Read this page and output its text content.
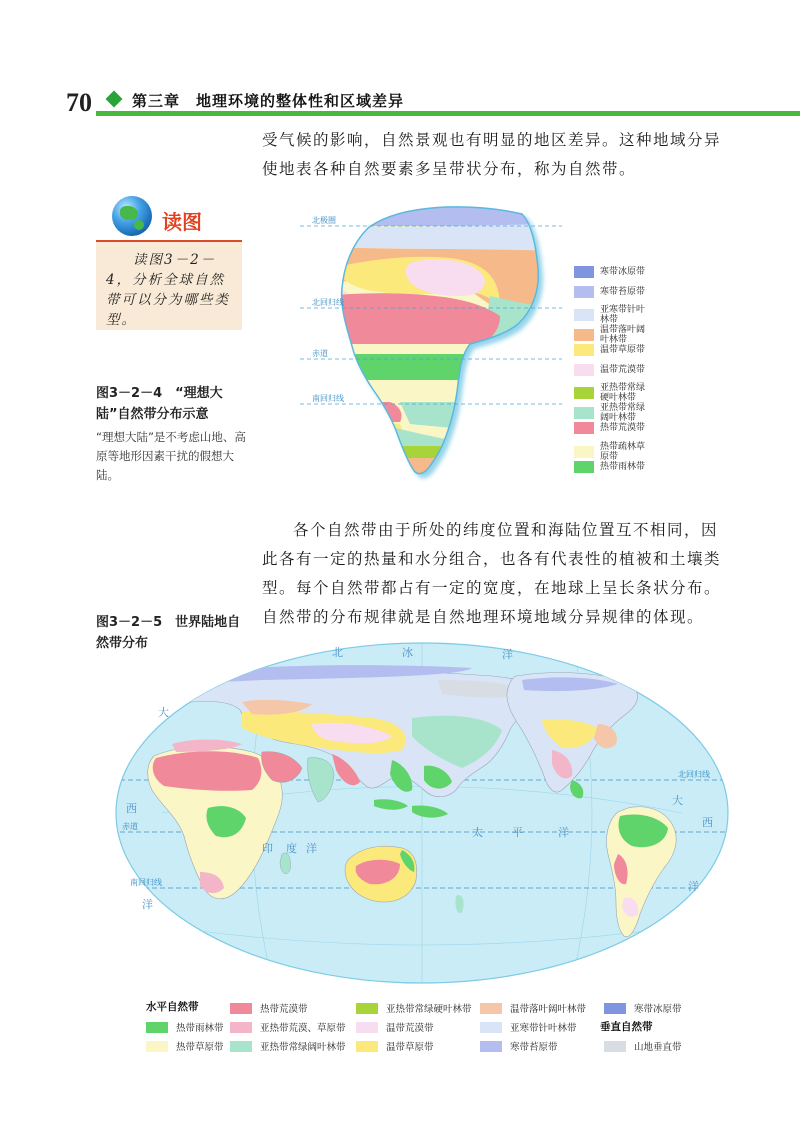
70	第三章　地理环境的整体性和区域差异
受气候的影响，自然景观也有明显的地区差异。这种地域分异使地表各种自然要素多呈带状分布，称为自然带。
读图
读图3－2－4，分析全球自然带可以分为哪些类型。
图3－2－4　“理想大陆”自然带分布示意
“理想大陆”是不考虑山地、高原等地形因素干扰的假想大陆。
北极圈
北回归线
赤道
南回归线
寒带冰原带
寒带苔原带
亚寒带针叶林带
温带落叶阔叶林带
温带草原带
温带荒漠带
亚热带常绿硬叶林带
亚热带常绿阔叶林带
热带荒漠带
热带疏林草原带
热带雨林带
各个自然带由于所处的纬度位置和海陆位置互不相同，因此各有一定的热量和水分组合，也各有代表性的植被和土壤类型。每个自然带都占有一定的宽度，在地球上呈长条状分布。自然带的分布规律就是自然地理环境地域分异规律的体现。
图3－2－5　世界陆地自然带分布
北回归线
赤道
南回归线
北	冰	洋
太	平	洋
大
西
洋
印 度 洋
大
西
洋
水平自然带
垂直自然带
热带荒漠带	亚热带常绿硬叶林带	温带落叶阔叶林带	寒带冰原带
热带雨林带	亚热带荒漠、草原带	温带荒漠带	亚寒带针叶林带
热带草原带	亚热带常绿阔叶林带	温带草原带	寒带苔原带	山地垂直带
